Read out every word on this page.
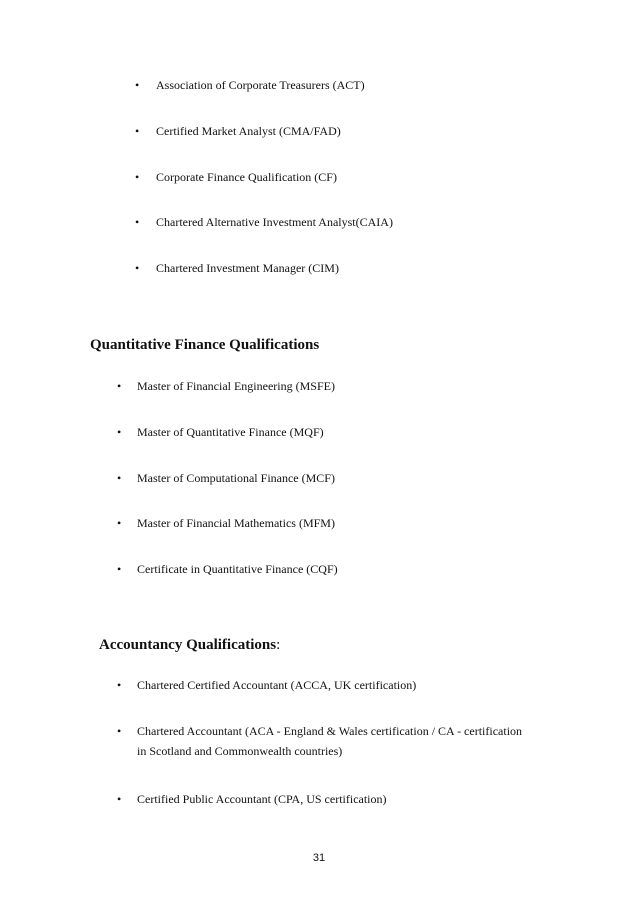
• Association of Corporate Treasurers (ACT)
• Certified Market Analyst (CMA/FAD)
• Corporate Finance Qualification (CF)
• Chartered Alternative Investment Analyst(CAIA)
• Chartered Investment Manager (CIM)
Quantitative Finance Qualifications
• Master of Financial Engineering (MSFE)
• Master of Quantitative Finance (MQF)
• Master of Computational Finance (MCF)
• Master of Financial Mathematics (MFM)
• Certificate in Quantitative Finance (CQF)
Accountancy Qualifications:
• Chartered Certified Accountant (ACCA, UK certification)
• Chartered Accountant (ACA - England & Wales certification / CA - certification
in Scotland and Commonwealth countries)
• Certified Public Accountant (CPA, US certification)
31
